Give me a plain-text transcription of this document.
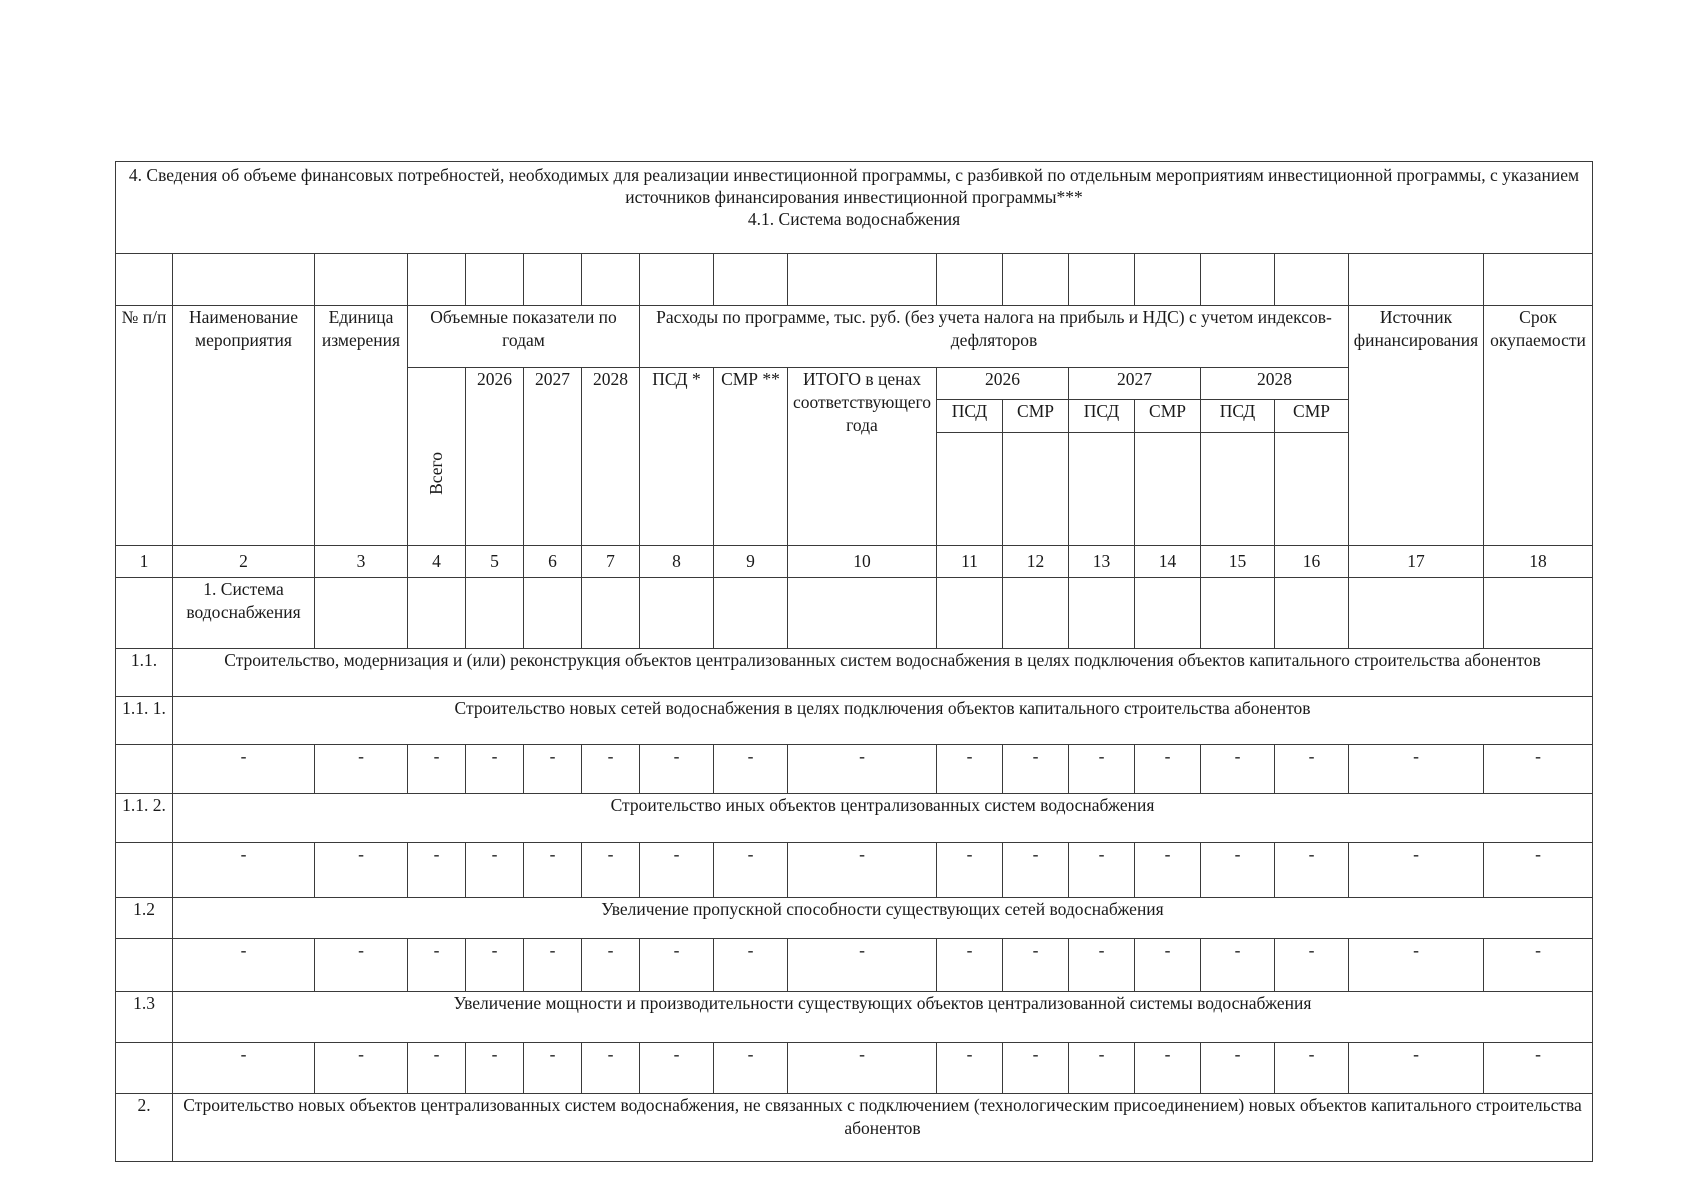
4. Сведения об объеме финансовых потребностей, необходимых для реализации инвестиционной программы, с разбивкой по отдельным мероприятиям инвестиционной программы, с указанием источников финансирования инвестиционной программы***
4.1. Система водоснабжения																	

№ п/п	Наименование мероприятия	Единица измерения	Объемные показатели по годам				Расходы по программе, тыс. руб. (без учета налога на прибыль и НДС) с учетом индексов-дефляторов									Источник финансирования	Срок окупаемости
			Всего	2026	2027	2028	ПСД *	СМР **	ИТОГО в ценах соответствующего года	2026		2027		2028			
										ПСД	СМР	ПСД	СМР	ПСД	СМР		

1	2	3	4	5	6	7	8	9	10	11	12	13	14	15	16	17	18
	1. Система водоснабжения																
1.1.	Строительство, модернизация и (или) реконструкция объектов централизованных систем водоснабжения в целях подключения объектов капитального строительства абонентов																
1.1. 1.	Строительство новых сетей водоснабжения в целях подключения объектов капитального строительства абонентов																
	-	-	-	-	-	-	-	-	-	-	-	-	-	-	-	-	-
1.1. 2.	Строительство иных объектов централизованных систем водоснабжения																
	-	-	-	-	-	-	-	-	-	-	-	-	-	-	-	-	-
1.2	Увеличение пропускной способности существующих сетей водоснабжения																
	-	-	-	-	-	-	-	-	-	-	-	-	-	-	-	-	-
1.3	Увеличение мощности и производительности существующих объектов централизованной системы водоснабжения																
	-	-	-	-	-	-	-	-	-	-	-	-	-	-	-	-	-
2.	Строительство новых объектов централизованных систем водоснабжения, не связанных с подключением (технологическим присоединением) новых объектов капитального строительства абонентов																
